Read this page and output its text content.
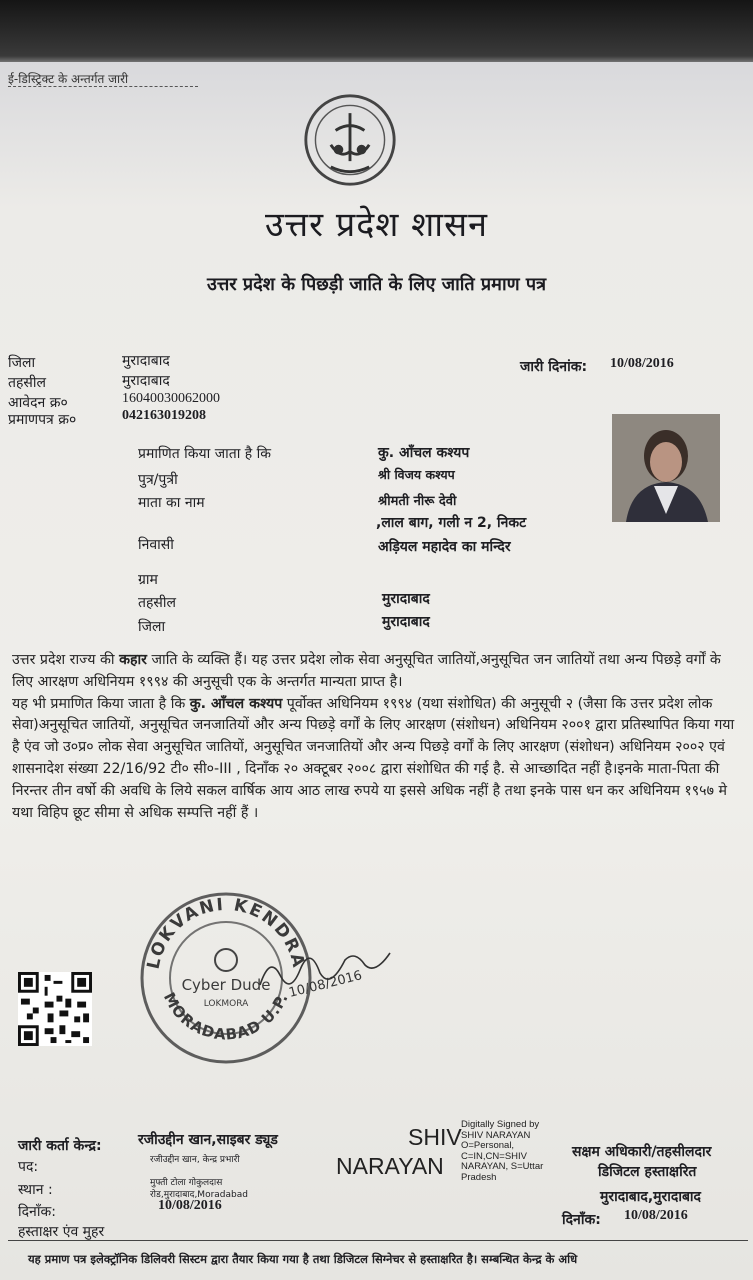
ई-डिस्ट्रिक्ट के अन्तर्गत जारी
उत्तर प्रदेश शासन
उत्तर प्रदेश के पिछड़ी जाति के लिए जाति प्रमाण पत्र
जिला	मुरादाबाद
तहसील	मुरादाबाद
आवेदन क्र०	16040030062000
प्रमाणपत्र क्र०	042163019208
जारी दिनांक: 10/08/2016
प्रमाणित किया जाता है कि	कु. आँचल कश्यप
पुत्र/पुत्री	श्री विजय कश्यप
माता का नाम	श्रीमती नीरू देवी
,लाल बाग, गली न 2, निकट
निवासी	अड़ियल महादेव का मन्दिर
ग्राम
तहसील	मुरादाबाद
जिला	मुरादाबाद

उत्तर प्रदेश राज्य की कहार जाति के व्यक्ति हैं। यह उत्तर प्रदेश लोक सेवा अनुसूचित जातियों,अनुसूचित जन जातियों तथा अन्य पिछड़े वर्गों के लिए आरक्षण अधिनियम १९९४ की अनुसूची एक के अन्तर्गत मान्यता प्राप्त है।

यह भी प्रमाणित किया जाता है कि कु. आँचल कश्यप पूर्वोक्त अधिनियम १९९४ (यथा संशोधित) की अनुसूची २ (जैसा कि उत्तर प्रदेश लोक सेवा)अनुसूचित जातियों, अनुसूचित जनजातियों और अन्य पिछड़े वर्गों के लिए आरक्षण (संशोधन) अधिनियम २००१ द्वारा प्रतिस्थापित किया गया है एंव जो उ०प्र० लोक सेवा अनुसूचित जातियों, अनुसूचित जनजातियों और अन्य पिछड़े वर्गों के लिए आरक्षण (संशोधन) अधिनियम २००२ एवं शासनादेश संख्या 22/16/92 टी० सी०-III , दिनाँक २० अक्टूबर २००८ द्वारा संशोधित की गई है. से आच्छादित नहीं है।इनके माता-पिता की निरन्तर तीन वर्षो की अवधि के लिये सकल वार्षिक आय आठ लाख रुपये या इससे अधिक नहीं है तथा इनके पास धन कर अधिनियम १९५७ मे यथा विहिप छूट सीमा से अधिक सम्पत्ति नहीं हैं ।

LOKVANI KENDRA
MORADABAD U.P.
Cyber Dude
LOKMORA
10/08/2016
जारी कर्ता केन्द्र:	रजीउद्दीन खान,साइबर ड्यूड
पद:	रजीउद्दीन खान, केन्द्र प्रभारी
स्थान :	मुफ्ती टोला गोकुलदास
रोड,मुरादाबाद,Moradabad
दिनाँक:	10/08/2016
हस्ताक्षर एंव मुहर
SHIV
NARAYAN
Digitally Signed by
SHIV NARAYAN
O=Personal,
C=IN,CN=SHIV
NARAYAN, S=Uttar
Pradesh
सक्षम अधिकारी/तहसीलदार
डिजिटल हस्ताक्षरित
मुरादाबाद,मुरादाबाद
दिनाँक: 10/08/2016
यह प्रमाण पत्र इलेक्ट्रॉनिक डिलिवरी सिस्टम द्वारा तैयार किया गया है तथा डिजिटल सिग्नेचर से हस्ताक्षरित है। सम्बन्धित केन्द्र के अधि
